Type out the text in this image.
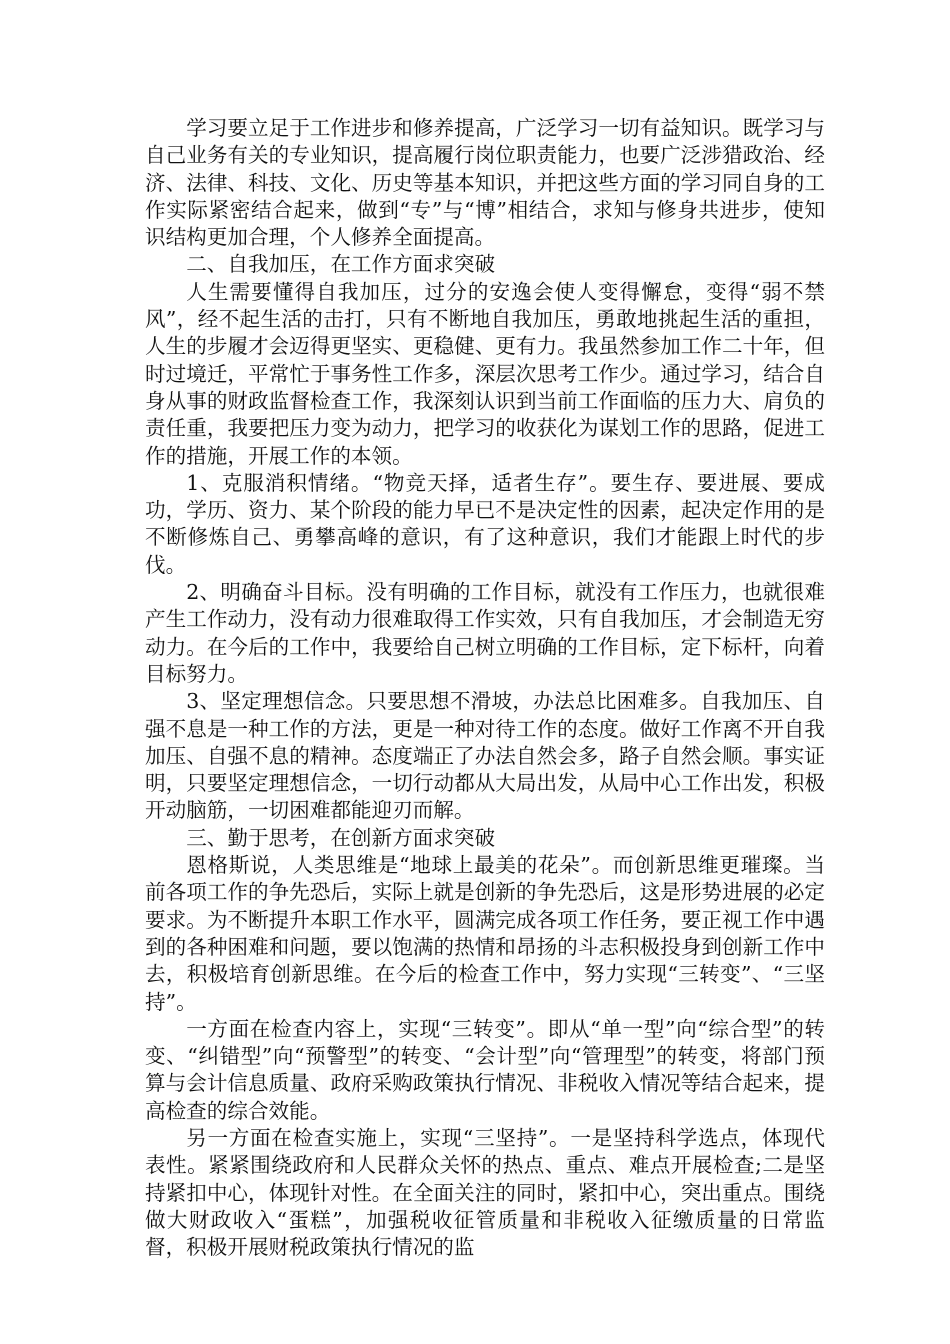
学习要立足于工作进步和修养提高，广泛学习一切有益知识。既学习与自己业务有关的专业知识，提高履行岗位职责能力，也要广泛涉猎政治、经济、法律、科技、文化、历史等基本知识，并把这些方面的学习同自身的工作实际紧密结合起来，做到“专”与“博”相结合，求知与修身共进步，使知识结构更加合理，个人修养全面提高。

二、自我加压，在工作方面求突破

人生需要懂得自我加压，过分的安逸会使人变得懈怠，变得“弱不禁风”，经不起生活的击打，只有不断地自我加压，勇敢地挑起生活的重担，人生的步履才会迈得更坚实、更稳健、更有力。我虽然参加工作二十年，但时过境迁，平常忙于事务性工作多，深层次思考工作少。通过学习，结合自身从事的财政监督检查工作，我深刻认识到当前工作面临的压力大、肩负的责任重，我要把压力变为动力，把学习的收获化为谋划工作的思路，促进工作的措施，开展工作的本领。

1、克服消积情绪。“物竞天择，适者生存”。要生存、要进展、要成功，学历、资力、某个阶段的能力早已不是决定性的因素，起决定作用的是不断修炼自己、勇攀高峰的意识，有了这种意识，我们才能跟上时代的步伐。

2、明确奋斗目标。没有明确的工作目标，就没有工作压力，也就很难产生工作动力，没有动力很难取得工作实效，只有自我加压，才会制造无穷动力。在今后的工作中，我要给自己树立明确的工作目标，定下标杆，向着目标努力。

3、坚定理想信念。只要思想不滑坡，办法总比困难多。自我加压、自强不息是一种工作的方法，更是一种对待工作的态度。做好工作离不开自我加压、自强不息的精神。态度端正了办法自然会多，路子自然会顺。事实证明，只要坚定理想信念，一切行动都从大局出发，从局中心工作出发，积极开动脑筋，一切困难都能迎刃而解。

三、勤于思考，在创新方面求突破

恩格斯说，人类思维是“地球上最美的花朵”。而创新思维更璀璨。当前各项工作的争先恐后，实际上就是创新的争先恐后，这是形势进展的必定要求。为不断提升本职工作水平，圆满完成各项工作任务，要正视工作中遇到的各种困难和问题，要以饱满的热情和昂扬的斗志积极投身到创新工作中去，积极培育创新思维。在今后的检查工作中，努力实现“三转变”、“三坚持”。

一方面在检查内容上，实现“三转变”。即从“单一型”向“综合型”的转变、“纠错型”向“预警型”的转变、“会计型”向“管理型”的转变，将部门预算与会计信息质量、政府采购政策执行情况、非税收入情况等结合起来，提高检查的综合效能。

另一方面在检查实施上，实现“三坚持”。一是坚持科学选点，体现代表性。紧紧围绕政府和人民群众关怀的热点、重点、难点开展检查;二是坚持紧扣中心，体现针对性。在全面关注的同时，紧扣中心，突出重点。围绕做大财政收入“蛋糕”，加强税收征管质量和非税收入征缴质量的日常监督，积极开展财税政策执行情况的监
